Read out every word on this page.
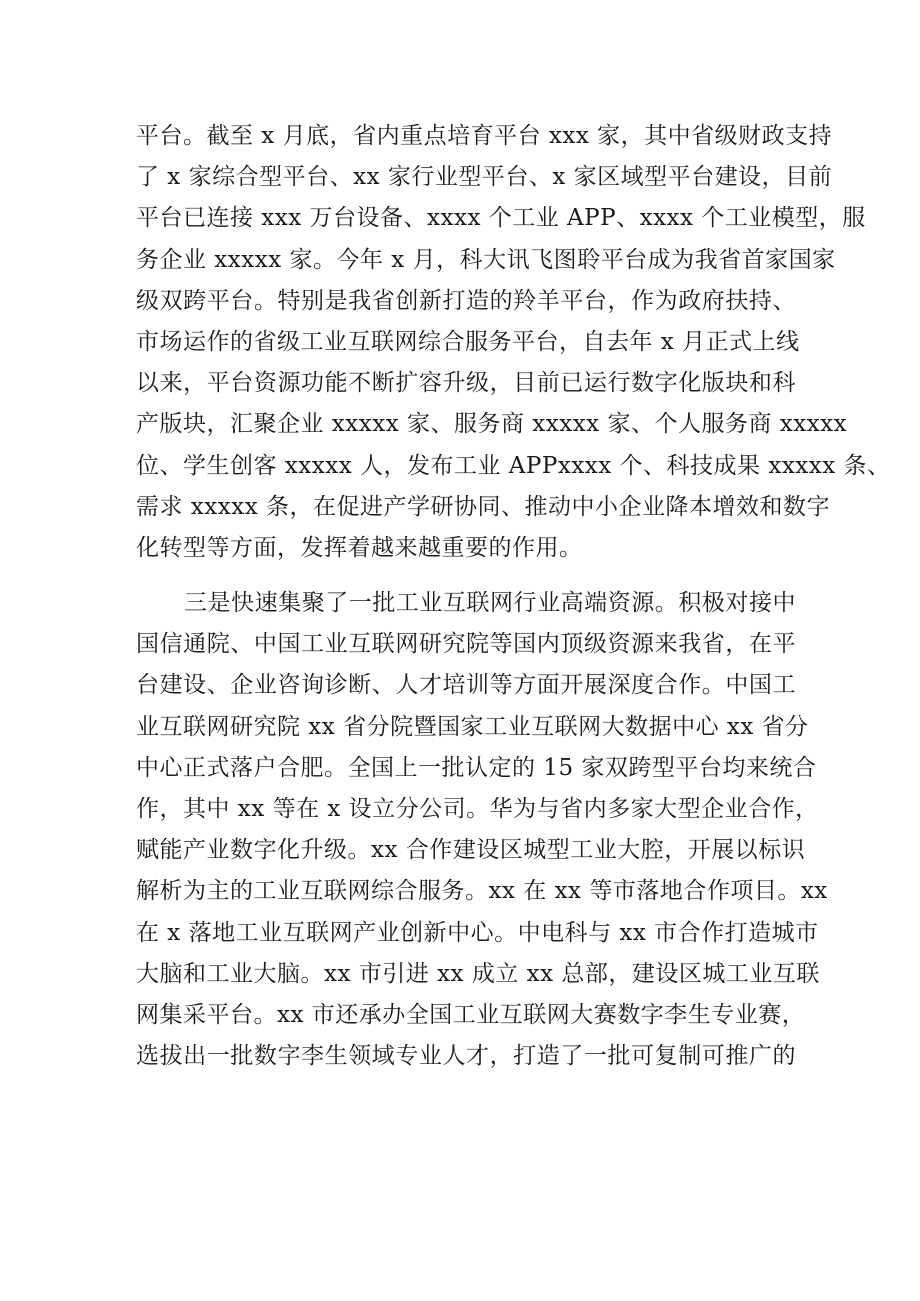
平台。截至 x 月底，省内重点培育平台 xxx 家，其中省级财政支持
了 x 家综合型平台、xx 家行业型平台、x 家区域型平台建设，目前
平台已连接 xxx 万台设备、xxxx 个工业 APP、xxxx 个工业模型，服
务企业 xxxxx 家。今年 x 月，科大讯飞图聆平台成为我省首家国家
级双跨平台。特别是我省创新打造的羚羊平台，作为政府扶持、
市场运作的省级工业互联网综合服务平台，自去年 x 月正式上线
以来，平台资源功能不断扩容升级，目前已运行数字化版块和科
产版块，汇聚企业 xxxxx 家、服务商 xxxxx 家、个人服务商 xxxxx
位、学生创客 xxxxx 人，发布工业 APPxxxx 个、科技成果 xxxxx 条、
需求 xxxxx 条，在促进产学研协同、推动中小企业降本增效和数字
化转型等方面，发挥着越来越重要的作用。
三是快速集聚了一批工业互联网行业高端资源。积极对接中
国信通院、中国工业互联网研究院等国内顶级资源来我省，在平
台建设、企业咨询诊断、人才培训等方面开展深度合作。中国工
业互联网研究院 xx 省分院暨国家工业互联网大数据中心 xx 省分
中心正式落户合肥。全国上一批认定的 15 家双跨型平台均来统合
作，其中 xx 等在 x 设立分公司。华为与省内多家大型企业合作，
赋能产业数字化升级。xx 合作建设区城型工业大腔，开展以标识
解析为主的工业互联网综合服务。xx 在 xx 等市落地合作项目。xx
在 x 落地工业互联网产业创新中心。中电科与 xx 市合作打造城市
大脑和工业大脑。xx 市引进 xx 成立 xx 总部，建设区城工业互联
网集采平台。xx 市还承办全国工业互联网大赛数字李生专业赛，
选拔出一批数字李生领域专业人才，打造了一批可复制可推广的
